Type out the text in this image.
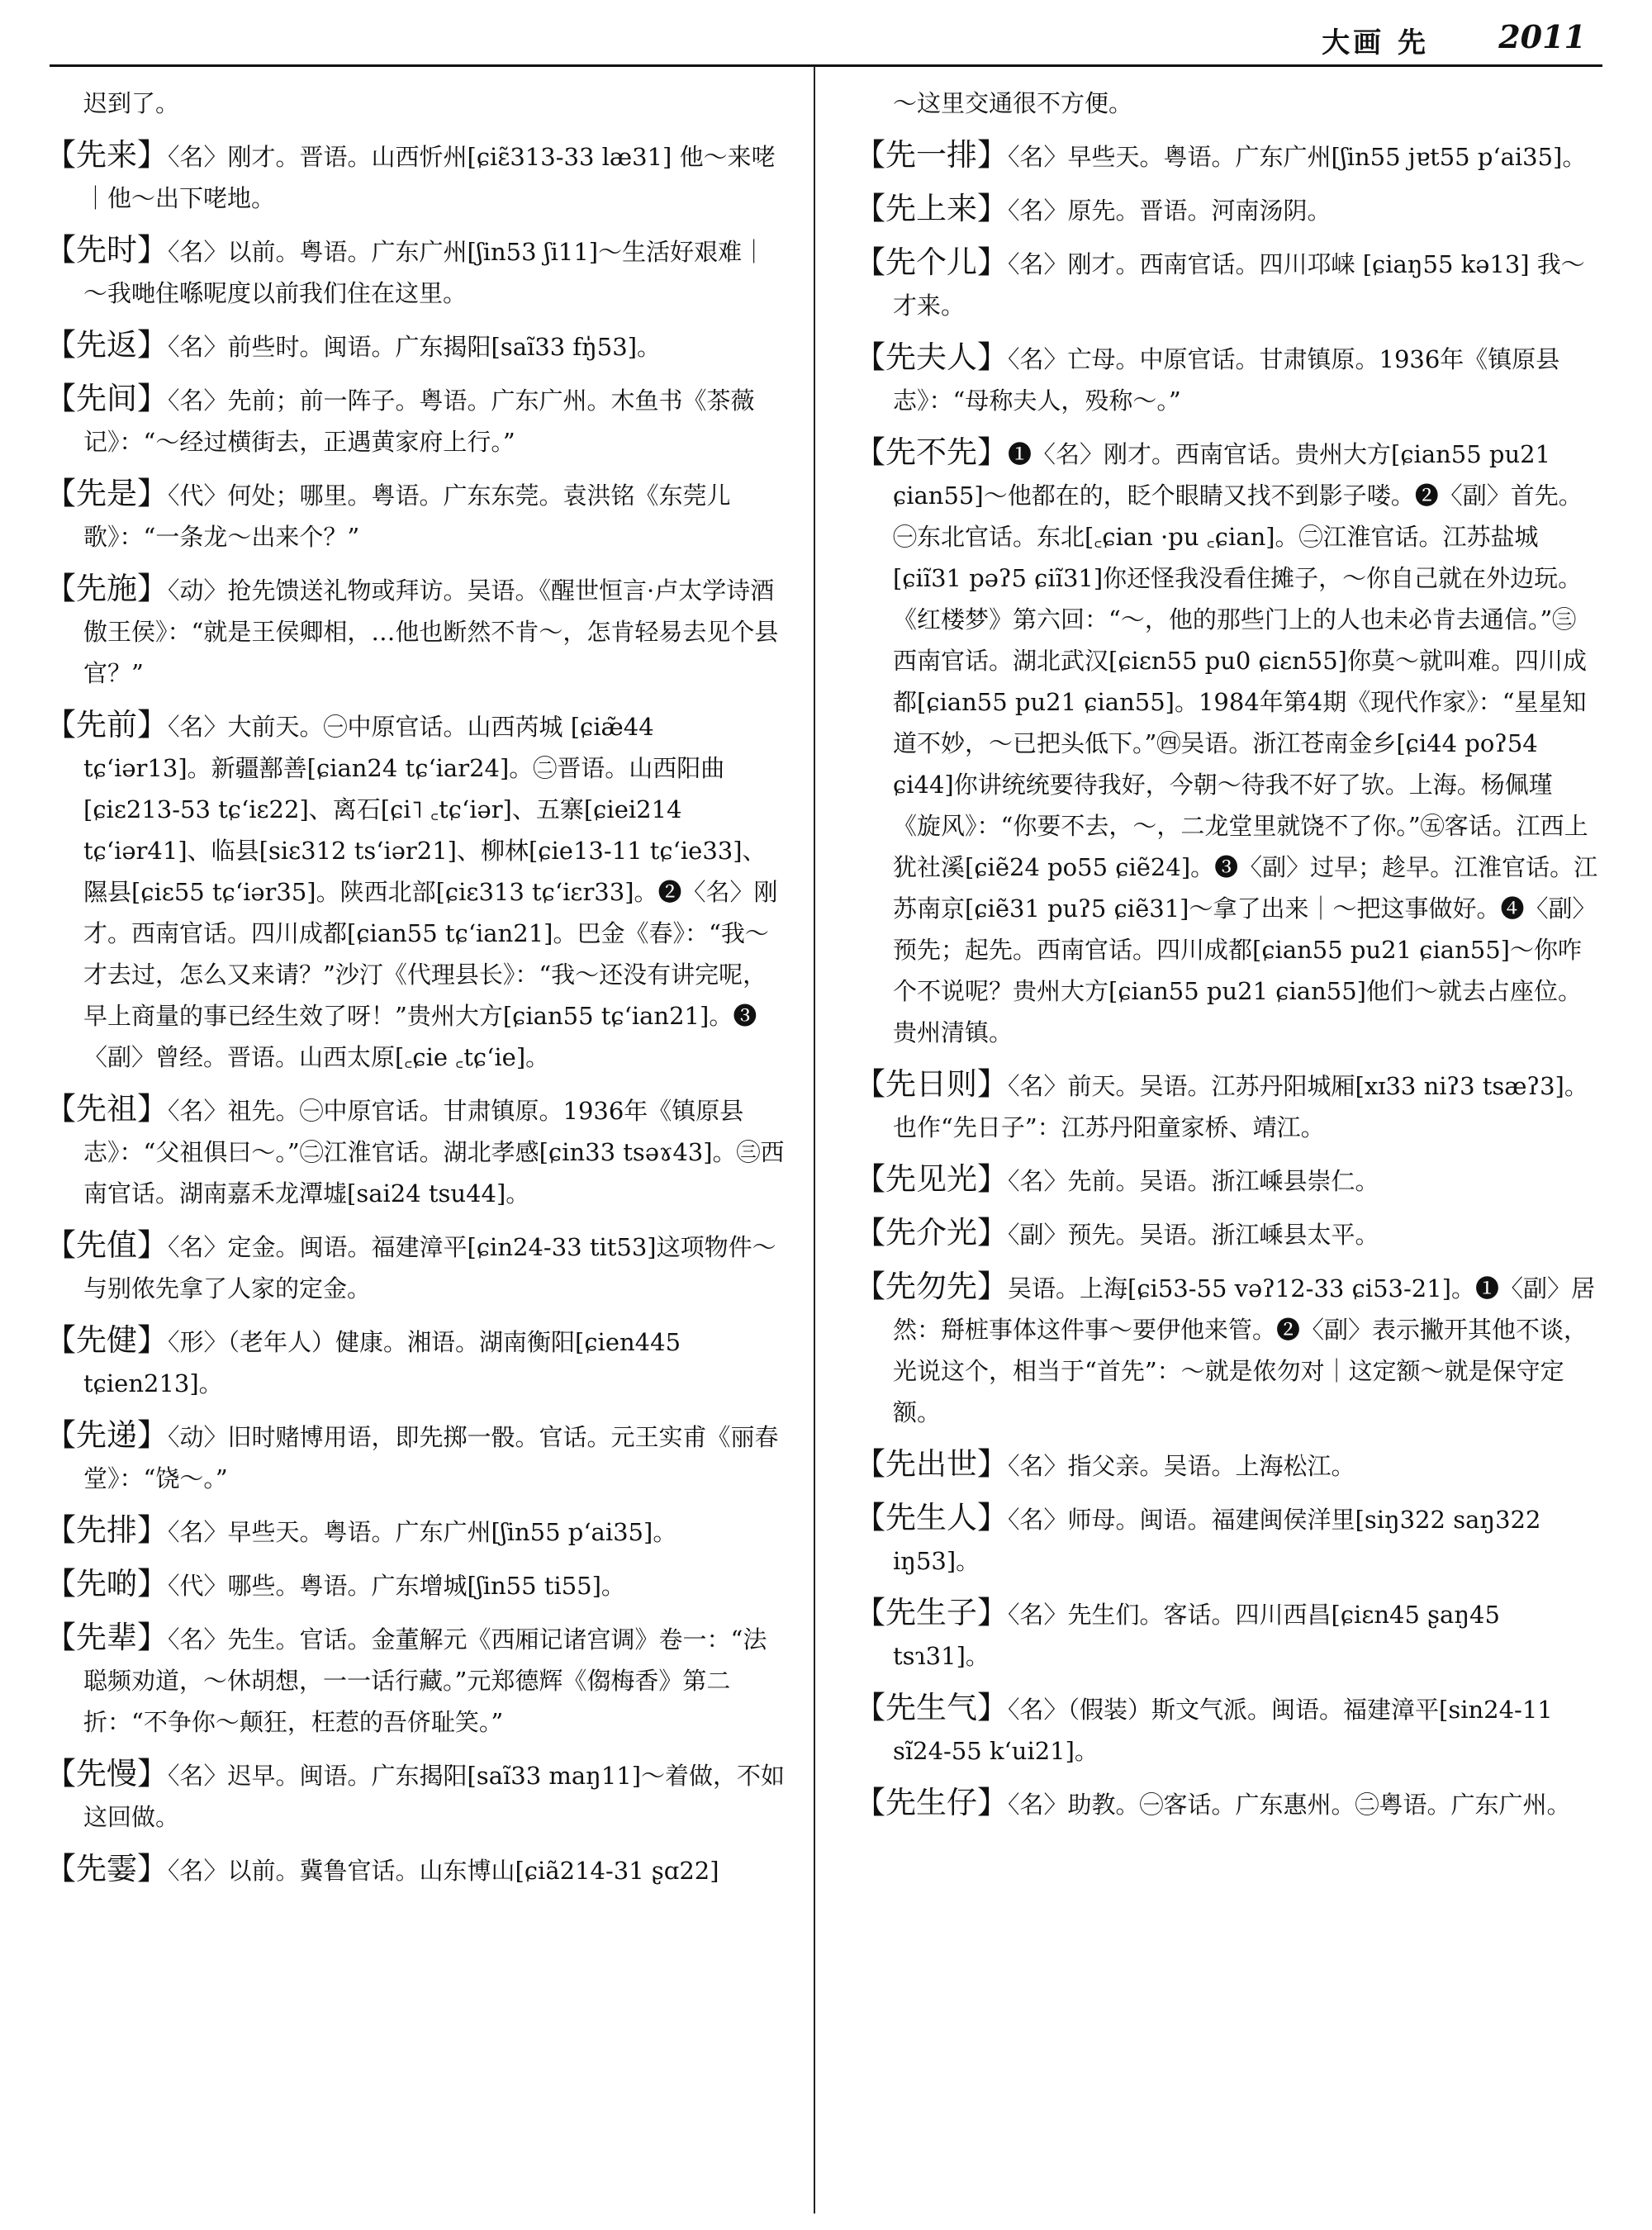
大画 先 2011
迟到了。
【先来】〈名〉刚才。晋语。山西忻州[ɕiɛ̃313-33 læ31] 他～来咾｜他～出下咾地。
【先时】〈名〉以前。粤语。广东广州[ʃin53 ʃi11]～生活好艰难｜～我哋住喺呢度以前我们住在这里。
【先返】〈名〉前些时。闽语。广东揭阳[saĩ33 fŋ̍53]。
【先间】〈名〉先前；前一阵子。粤语。广东广州。木鱼书《茶薇记》：“～经过横街去，正遇黄家府上行。”
【先是】〈代〉何处；哪里。粤语。广东东莞。袁洪铭《东莞儿歌》：“一条龙～出来个？”
【先施】〈动〉抢先馈送礼物或拜访。吴语。《醒世恒言·卢太学诗酒傲王侯》：“就是王侯卿相，…他也断然不肯～，怎肯轻易去见个县官？”
【先前】〈名〉大前天。㊀中原官话。山西芮城 [ɕiæ̃44 tɕ‘iər13]。新疆鄯善[ɕian24 tɕ‘iar24]。㊁晋语。山西阳曲[ɕiɛ213-53 tɕ‘iɛ22]、离石[ɕi˥ ꜀tɕ‘iər]、五寨[ɕiei214 tɕ‘iər41]、临县[siɛ312 ts‘iər21]、柳林[ɕie13-11 tɕ‘ie33]、隰县[ɕiɛ55 tɕ‘iər35]。陕西北部[ɕiɛ313 tɕ‘iɛr33]。❷〈名〉刚才。西南官话。四川成都[ɕian55 tɕ‘ian21]。巴金《春》：“我～才去过，怎么又来请？”沙汀《代理县长》：“我～还没有讲完呢，早上商量的事已经生效了呀！”贵州大方[ɕian55 tɕ‘ian21]。❸〈副〉曾经。晋语。山西太原[꜀ɕie ꜀tɕ‘ie]。
【先祖】〈名〉祖先。㊀中原官话。甘肃镇原。1936年《镇原县志》：“父祖俱曰～。”㊁江淮官话。湖北孝感[ɕin33 tsəɤ43]。㊂西南官话。湖南嘉禾龙潭墟[sai24 tsu44]。
【先值】〈名〉定金。闽语。福建漳平[ɕin24-33 tit53]这项物件～与别侬先拿了人家的定金。
【先健】〈形〉（老年人）健康。湘语。湖南衡阳[ɕien445 tɕien213]。
【先递】〈动〉旧时赌博用语，即先掷一骰。官话。元王实甫《丽春堂》：“饶～。”
【先排】〈名〉早些天。粤语。广东广州[ʃin55 p‘ai35]。
【先啲】〈代〉哪些。粤语。广东增城[ʃin55 ti55]。
【先辈】〈名〉先生。官话。金董解元《西厢记诸宫调》卷一：“法聪频劝道，～休胡想，一一话行藏。”元郑德辉《㑳梅香》第二折：“不争你～颠狂，枉惹的吾侪耻笑。”
【先慢】〈名〉迟早。闽语。广东揭阳[saĩ33 maŋ11]～着做，不如这回做。
【先霎】〈名〉以前。冀鲁官话。山东博山[ɕiã214-31 ʂɑ22]
～这里交通很不方便。
【先一排】〈名〉早些天。粤语。广东广州[ʃin55 jɐt55 p‘ai35]。
【先上来】〈名〉原先。晋语。河南汤阴。
【先个儿】〈名〉刚才。西南官话。四川邛崃 [ɕiaŋ55 kə13] 我～才来。
【先夫人】〈名〉亡母。中原官话。甘肃镇原。1936年《镇原县志》：“母称夫人，殁称～。”
【先不先】❶〈名〉刚才。西南官话。贵州大方[ɕian55 pu21 ɕian55]～他都在的，眨个眼睛又找不到影子喽。❷〈副〉首先。㊀东北官话。东北[꜀ɕian ·pu ꜀ɕian]。㊁江淮官话。江苏盐城[ɕiĩ31 pəʔ5 ɕiĩ31]你还怪我没看住摊子，～你自己就在外边玩。《红楼梦》第六回：“～，他的那些门上的人也未必肯去通信。”㊂西南官话。湖北武汉[ɕiɛn55 pu0 ɕiɛn55]你莫～就叫难。四川成都[ɕian55 pu21 ɕian55]。1984年第4期《现代作家》：“星星知道不妙，～已把头低下。”㊃吴语。浙江苍南金乡[ɕi44 poʔ54 ɕi44]你讲统统要待我好，今朝～待我不好了欤。上海。杨佩瑾《旋风》：“你要不去，～，二龙堂里就饶不了你。”㊄客话。江西上犹社溪[ɕiẽ24 po55 ɕiẽ24]。❸〈副〉过早；趁早。江淮官话。江苏南京[ɕiẽ31 puʔ5 ɕiẽ31]～拿了出来｜～把这事做好。❹〈副〉预先；起先。西南官话。四川成都[ɕian55 pu21 ɕian55]～你咋个不说呢？贵州大方[ɕian55 pu21 ɕian55]他们～就去占座位。贵州清镇。
【先日则】〈名〉前天。吴语。江苏丹阳城厢[xɪ33 niʔ3 tsæʔ3]。也作“先日子”：江苏丹阳童家桥、靖江。
【先见光】〈名〉先前。吴语。浙江嵊县崇仁。
【先介光】〈副〉预先。吴语。浙江嵊县太平。
【先勿先】吴语。上海[ɕi53-55 vəʔ12-33 ɕi53-21]。❶〈副〉居然：搿桩事体这件事～要伊他来管。❷〈副〉表示撇开其他不谈，光说这个，相当于“首先”：～就是侬勿对｜这定额～就是保守定额。
【先出世】〈名〉指父亲。吴语。上海松江。
【先生人】〈名〉师母。闽语。福建闽侯洋里[siŋ322 saŋ322 iŋ53]。
【先生子】〈名〉先生们。客话。四川西昌[ɕiɛn45 ʂaŋ45 tsɿ31]。
【先生气】〈名〉（假装）斯文气派。闽语。福建漳平[sin24-11 sĩ24-55 k‘ui21]。
【先生仔】〈名〉助教。㊀客话。广东惠州。㊁粤语。广东广州。
